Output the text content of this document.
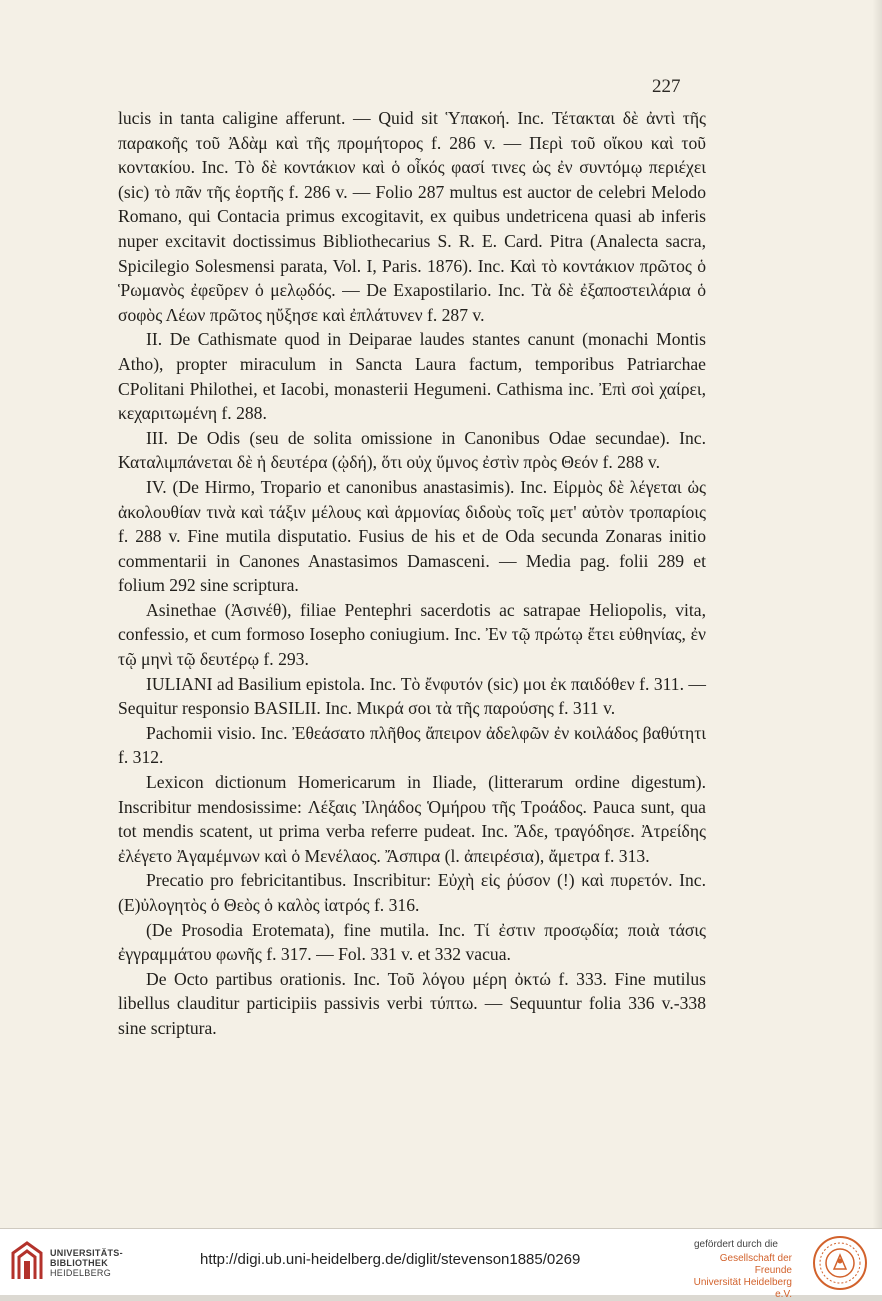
227

lucis in tanta caligine afferunt. — Quid sit Ὑπακοή. Inc. Τέτακται δὲ ἀντὶ τῆς παρακοῆς τοῦ Ἀδὰμ καὶ τῆς προμήτορος f. 286 v. — Περὶ τοῦ οἴκου καὶ τοῦ κοντακίου. Inc. Τὸ δὲ κοντάκιον καὶ ὁ οἶκός φασί τινες ὡς ἐν συντόμῳ περιέχει (sic) τὸ πᾶν τῆς ἑορτῆς f. 286 v. — Folio 287 multus est auctor de celebri Melodo Romano, qui Contacia primus excogitavit, ex quibus undetricena quasi ab inferis nuper excitavit doctissimus Bibliothecarius S. R. E. Card. Pitra (Analecta sacra, Spicilegio Solesmensi parata, Vol. I, Paris. 1876). Inc. Καὶ τὸ κοντάκιον πρῶτος ὁ Ῥωμανὸς ἐφεῦρεν ὁ μελῳδός. — De Exapostilario. Inc. Τὰ δὲ ἐξαποστειλάρια ὁ σοφὸς Λέων πρῶτος ηὔξησε καὶ ἐπλάτυνεν f. 287 v.

II. De Cathismate quod in Deiparae laudes stantes canunt (monachi Montis Atho), propter miraculum in Sancta Laura factum, temporibus Patriarchae CPolitani Philothei, et Iacobi, monasterii Hegumeni. Cathisma inc. Ἐπὶ σοὶ χαίρει, κεχαριτωμένη f. 288.

III. De Odis (seu de solita omissione in Canonibus Odae secundae). Inc. Καταλιμπάνεται δὲ ἡ δευτέρα (ᾠδή), ὅτι οὐχ ὕμνος ἐστὶν πρὸς Θεόν f. 288 v.

IV. (De Hirmo, Tropario et canonibus anastasimis). Inc. Εἱρμὸς δὲ λέγεται ὡς ἀκολουθίαν τινὰ καὶ τάξιν μέλους καὶ ἁρμονίας διδοὺς τοῖς μετ' αὐτὸν τροπαρίοις f. 288 v. Fine mutila disputatio. Fusius de his et de Oda secunda Zonaras initio commentarii in Canones Anastasimos Damasceni. — Media pag. folii 289 et folium 292 sine scriptura.

Asinethae (Ἀσινέθ), filiae Pentephri sacerdotis ac satrapae Heliopolis, vita, confessio, et cum formoso Iosepho coniugium. Inc. Ἐν τῷ πρώτῳ ἔτει εὐθηνίας, ἐν τῷ μηνὶ τῷ δευτέρῳ f. 293.

IULIANI ad Basilium epistola. Inc. Τὸ ἔνφυτόν (sic) μοι ἐκ παιδόθεν f. 311. — Sequitur responsio BASILII. Inc. Μικρά σοι τὰ τῆς παρούσης f. 311 v.

Pachomii visio. Inc. Ἐθεάσατο πλῆθος ἄπειρον ἀδελφῶν ἐν κοιλάδος βαθύτητι f. 312.

Lexicon dictionum Homericarum in Iliade, (litterarum ordine digestum). Inscribitur mendosissime: Λέξαις Ἰληάδος Ὁμήρου τῆς Τροάδος. Pauca sunt, qua tot mendis scatent, ut prima verba referre pudeat. Inc. Ἄδε, τραγόδησε. Ἀτρείδης ἐλέγετο Ἀγαμέμνων καὶ ὁ Μενέλαος. Ἄσπιρα (l. ἀπειρέσια), ἄμετρα f. 313.

Precatio pro febricitantibus. Inscribitur: Εὐχὴ εἰς ῥύσον (!) καὶ πυρετόν. Inc. (Ε)ὐλογητὸς ὁ Θεὸς ὁ καλὸς ἰατρός f. 316.

(De Prosodia Erotemata), fine mutila. Inc. Τί ἐστιν προσῳδία; ποιὰ τάσις ἐγγραμμάτου φωνῆς f. 317. — Fol. 331 v. et 332 vacua.

De Octo partibus orationis. Inc. Τοῦ λόγου μέρη ὀκτώ f. 333. Fine mutilus libellus clauditur participiis passivis verbi τύπτω. — Sequuntur folia 336 v.-338 sine scriptura.

UNIVERSITÄTS-
BIBLIOTHEK
HEIDELBERG
http://digi.ub.uni-heidelberg.de/diglit/stevenson1885/0269
gefördert durch die
Gesellschaft der Freunde
Universität Heidelberg e.V.
